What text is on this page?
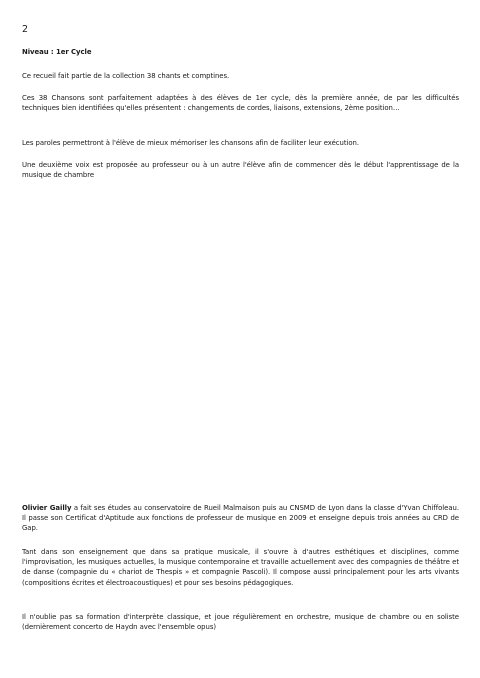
2
Niveau : 1er Cycle

Ce recueil fait partie de la collection 38 chants et comptines.

Ces 38 Chansons sont parfaitement adaptées à des élèves de 1er cycle, dès la première année, de par les difficultés techniques bien identifiées qu'elles présentent : changements de cordes, liaisons, extensions, 2ème position…

Les paroles permettront à l'élève de mieux mémoriser les chansons afin de faciliter leur exécution.

Une deuxième voix est proposée au professeur ou à un autre l'élève afin de commencer dès le début l'apprentissage de la musique de chambre

Olivier Gailly a fait ses études au conservatoire de Rueil Malmaison puis au CNSMD de Lyon dans la classe d'Yvan Chiffoleau. Il passe son Certificat d'Aptitude aux fonctions de professeur de musique en 2009 et enseigne depuis trois années au CRD de Gap.

Tant dans son enseignement que dans sa pratique musicale, il s'ouvre à d'autres esthétiques et disciplines, comme l'improvisation, les musiques actuelles, la musique contemporaine et travaille actuellement avec des compagnies de théâtre et de danse (compagnie du « chariot de Thespis » et compagnie Pascoli). Il compose aussi principalement pour les arts vivants (compositions écrites et électroacoustiques) et pour ses besoins pédagogiques.

Il n'oublie pas sa formation d'interprète classique, et joue régulièrement en orchestre, musique de chambre ou en soliste (dernièrement concerto de Haydn avec l'ensemble opus)
